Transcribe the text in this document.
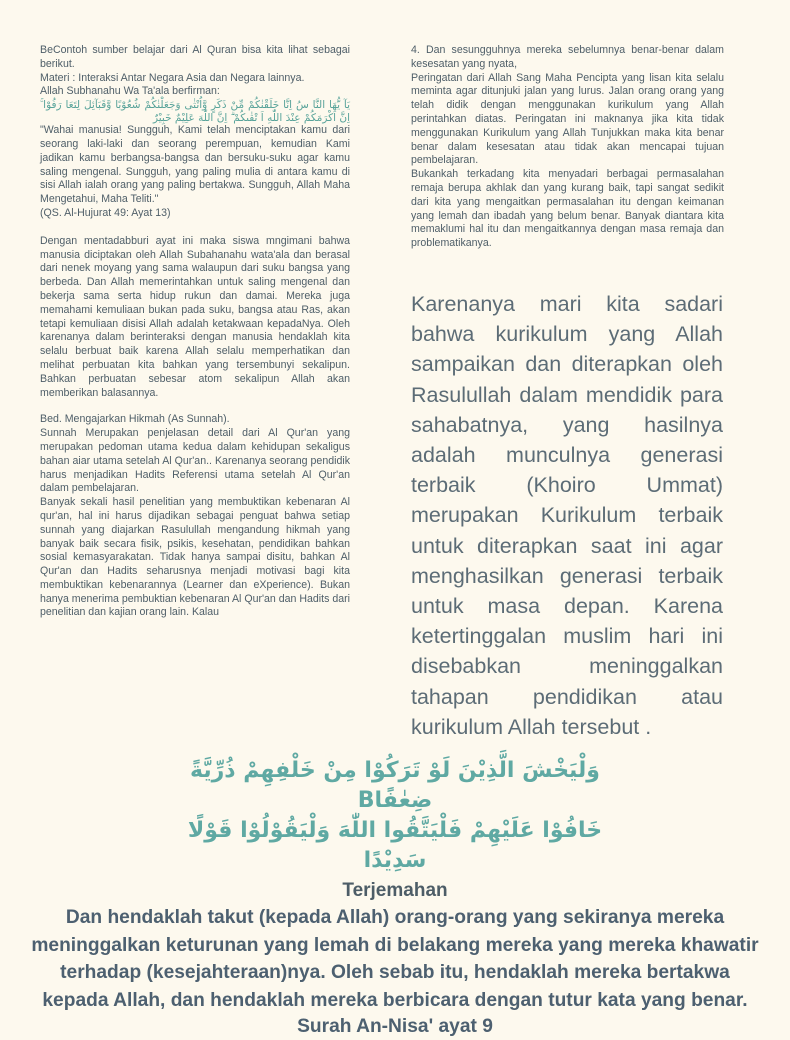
BeContoh sumber belajar dari Al Quran bisa kita lihat sebagai berikut.

Materi : Interaksi Antar Negara Asia dan Negara lainnya.

Allah Subhanahu Wa Ta'ala berfirman:

يَآ يُّهَا النَّا سُ اِنَّا خَلَقْنٰكُمْ مِّنْ ذَكَرٍ وَّاُنْثٰى وَجَعَلْنٰكُمْ شُعُوْبًا وَّقَبَآئِلَ لِتَعَا رَفُوْا ۚ اِنَّ اَكْرَمَكُمْ عِنْدَ اللّٰهِ اَ تْقٰٮكُمْ ۗ اِنَّ اللّٰهَ عَلِيْمٌ خَبِيْرٌ

"Wahai manusia! Sungguh, Kami telah menciptakan kamu dari seorang laki-laki dan seorang perempuan, kemudian Kami jadikan kamu berbangsa-bangsa dan bersuku-suku agar kamu saling mengenal. Sungguh, yang paling mulia di antara kamu di sisi Allah ialah orang yang paling bertakwa. Sungguh, Allah Maha Mengetahui, Maha Teliti."

(QS. Al-Hujurat 49: Ayat 13)

Dengan mentadabburi ayat ini maka siswa mngimani bahwa manusia diciptakan oleh Allah Subahanahu wata'ala dan berasal dari nenek moyang yang sama walaupun dari suku bangsa yang berbeda. Dan Allah memerintahkan untuk saling mengenal dan bekerja sama serta hidup rukun dan damai. Mereka juga memahami kemuliaan bukan pada suku, bangsa atau Ras, akan tetapi kemuliaan disisi Allah adalah ketakwaan kepadaNya. Oleh karenanya dalam berinteraksi dengan manusia hendaklah kita selalu berbuat baik karena Allah selalu memperhatikan dan melihat perbuatan kita bahkan yang tersembunyi sekalipun. Bahkan perbuatan sebesar atom sekalipun Allah akan memberikan balasannya.

Bed. Mengajarkan Hikmah (As Sunnah).

Sunnah Merupakan penjelasan detail dari Al Qur'an yang merupakan pedoman utama kedua dalam kehidupan sekaligus bahan aiar utama setelah Al Qur'an.. Karenanya seorang pendidik harus menjadikan Hadits Referensi utama setelah Al Qur'an dalam pembelajaran.

Banyak sekali hasil penelitian yang membuktikan kebenaran Al qur'an, hal ini harus dijadikan sebagai penguat bahwa setiap sunnah yang diajarkan Rasulullah mengandung hikmah yang banyak baik secara fisik, psikis, kesehatan, pendidikan bahkan sosial kemasyarakatan. Tidak hanya sampai disitu, bahkan Al Qur'an dan Hadits seharusnya menjadi motivasi bagi kita membuktikan kebenarannya (Learner dan eXperience). Bukan hanya menerima pembuktian kebenaran Al Qur'an dan Hadits dari penelitian dan kajian orang lain. Kalau

4. Dan sesungguhnya mereka sebelumnya benar-benar dalam kesesatan yang nyata,

Peringatan dari Allah Sang Maha Pencipta yang lisan kita selalu meminta agar ditunjuki jalan yang lurus. Jalan orang orang yang telah didik dengan menggunakan kurikulum yang Allah perintahkan diatas. Peringatan ini maknanya jika kita tidak menggunakan Kurikulum yang Allah Tunjukkan maka kita benar benar dalam kesesatan atau tidak akan mencapai tujuan pembelajaran.

Bukankah terkadang kita menyadari berbagai permasalahan remaja berupa akhlak dan yang kurang baik, tapi sangat sedikit dari kita yang mengaitkan permasalahan itu dengan keimanan yang lemah dan ibadah yang belum benar. Banyak diantara kita memaklumi hal itu dan mengaitkannya dengan masa remaja dan problematikanya.

Karenanya mari kita sadari bahwa kurikulum yang Allah sampaikan dan diterapkan oleh Rasulullah dalam mendidik para sahabatnya, yang hasilnya adalah munculnya generasi terbaik (Khoiro Ummat) merupakan Kurikulum terbaik untuk diterapkan saat ini agar menghasilkan generasi terbaik untuk masa depan. Karena ketertinggalan muslim hari ini disebabkan meninggalkan tahapan pendidikan atau kurikulum Allah tersebut .

وَلْيَخْشَ الَّذِيْنَ لَوْ تَرَكُوْا مِنْ خَلْفِهِمْ ذُرِّيَّةً ضِعٰفًاB
خَافُوْا عَلَيْهِمْ فَلْيَتَّقُوا اللّٰهَ وَلْيَقُوْلُوْا قَوْلًا سَدِيْدًا
Terjemahan
Dan hendaklah takut (kepada Allah) orang-orang yang sekiranya mereka meninggalkan keturunan yang lemah di belakang mereka yang mereka khawatir terhadap (kesejahteraan)nya. Oleh sebab itu, hendaklah mereka bertakwa kepada Allah, dan hendaklah mereka berbicara dengan tutur kata yang benar.
Surah An-Nisa' ayat 9
